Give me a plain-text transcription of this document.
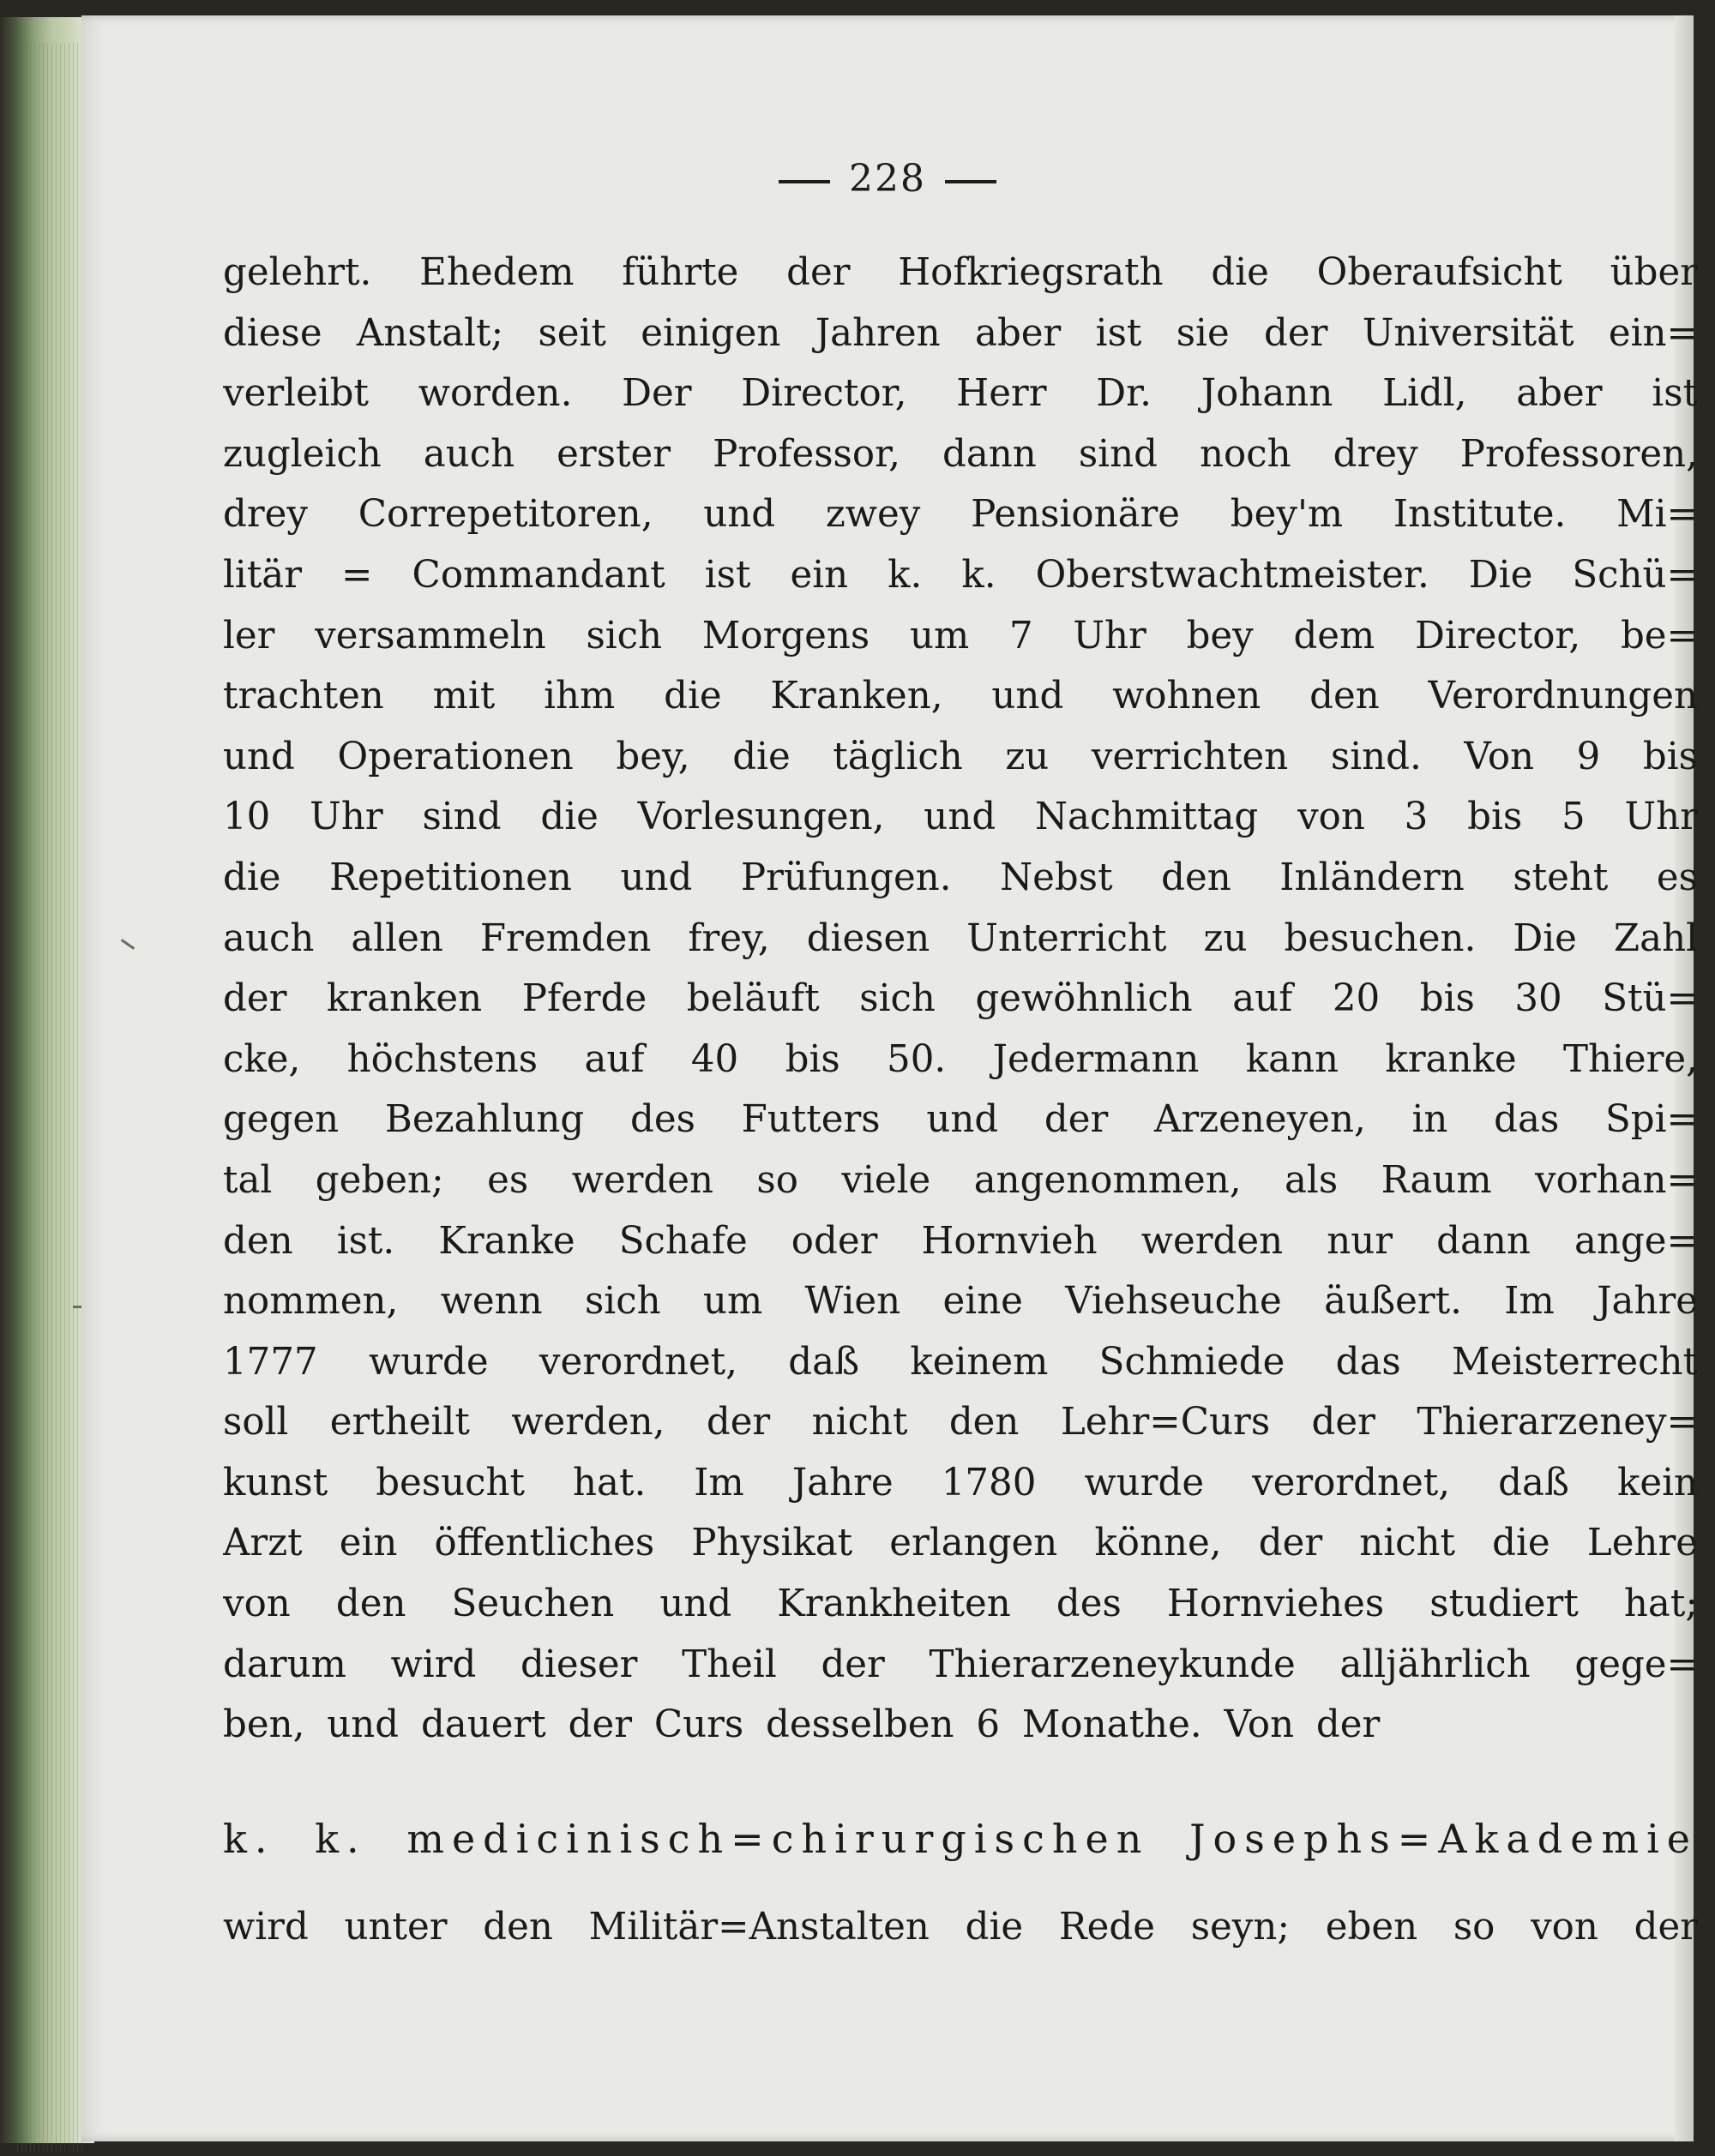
228
gelehrt. Ehedem führte der Hofkriegsrath die Oberaufsicht über
diese Anstalt; seit einigen Jahren aber ist sie der Universität ein=
verleibt worden. Der Director, Herr Dr. Johann Lidl, aber ist
zugleich auch erster Professor, dann sind noch drey Professoren,
drey Correpetitoren, und zwey Pensionäre bey'm Institute. Mi=
litär = Commandant ist ein k. k. Oberstwachtmeister. Die Schü=
ler versammeln sich Morgens um 7 Uhr bey dem Director, be=
trachten mit ihm die Kranken, und wohnen den Verordnungen
und Operationen bey, die täglich zu verrichten sind. Von 9 bis
10 Uhr sind die Vorlesungen, und Nachmittag von 3 bis 5 Uhr
die Repetitionen und Prüfungen. Nebst den Inländern steht es
auch allen Fremden frey, diesen Unterricht zu besuchen. Die Zahl
der kranken Pferde beläuft sich gewöhnlich auf 20 bis 30 Stü=
cke, höchstens auf 40 bis 50. Jedermann kann kranke Thiere,
gegen Bezahlung des Futters und der Arzeneyen, in das Spi=
tal geben; es werden so viele angenommen, als Raum vorhan=
den ist. Kranke Schafe oder Hornvieh werden nur dann ange=
nommen, wenn sich um Wien eine Viehseuche äußert. Im Jahre
1777 wurde verordnet, daß keinem Schmiede das Meisterrecht
soll ertheilt werden, der nicht den Lehr=Curs der Thierarzeney=
kunst besucht hat. Im Jahre 1780 wurde verordnet, daß kein
Arzt ein öffentliches Physikat erlangen könne, der nicht die Lehre
von den Seuchen und Krankheiten des Hornviehes studiert hat;
darum wird dieser Theil der Thierarzeneykunde alljährlich gege=
ben, und dauert der Curs desselben 6 Monathe. Von der
k. k. medicinisch=chirurgischen Josephs=Akademie
wird unter den Militär=Anstalten die Rede seyn; eben so von der
